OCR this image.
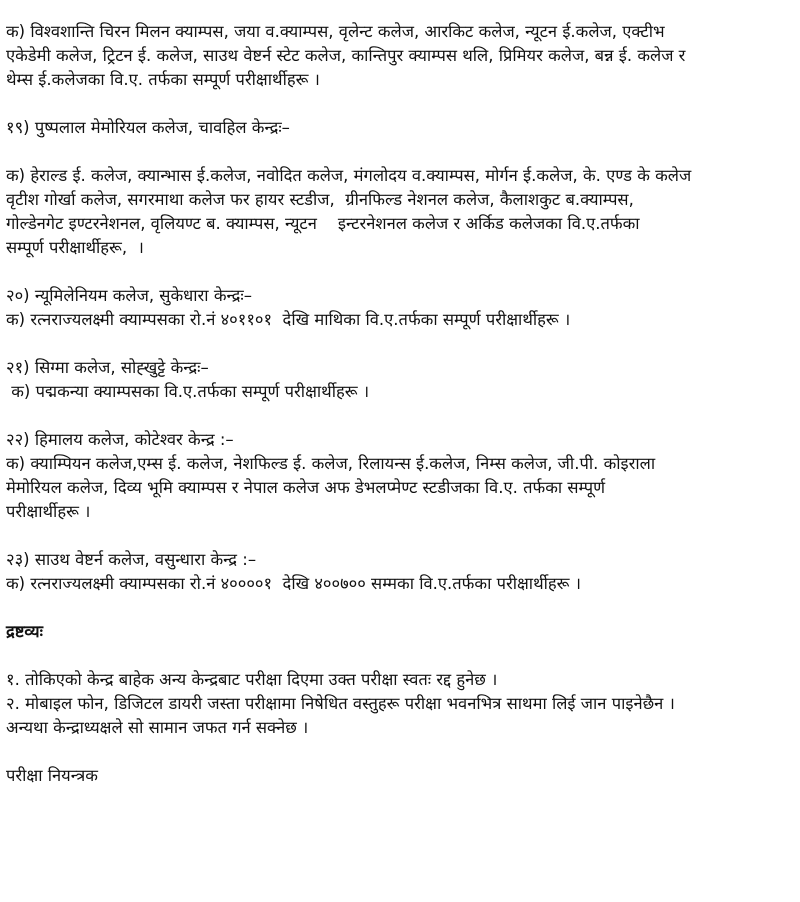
क) विश्वशान्ति चिरन मिलन क्याम्पस, जया व.क्याम्पस, वृलेन्ट कलेज, आरकिट कलेज, न्यूटन ई.कलेज, एक्टीभ
एकेडेमी कलेज, ट्रिटन ई. कलेज, साउथ वेष्टर्न स्टेट कलेज, कान्तिपुर क्याम्पस थलि, प्रिमियर कलेज, बन्न ई. कलेज र
थेम्स ई.कलेजका वि.ए. तर्फका सम्पूर्ण परीक्षार्थीहरू ।
१९) पुष्पलाल मेमोरियल कलेज, चावहिल केन्द्रः–
क) हेराल्ड ई. कलेज, क्यान्भास ई.कलेज, नवोदित कलेज, मंगलोदय व.क्याम्पस, मोर्गन ई.कलेज, के. एण्ड के कलेज
वृटीश गोर्खा कलेज, सगरमाथा कलेज फर हायर स्टडीज,  ग्रीनफिल्ड नेशनल कलेज, कैलाशकुट ब.क्याम्पस,
गोल्डेनगेट इण्टरनेशनल, वृलियण्ट ब. क्याम्पस, न्यूटन    इन्टरनेशनल कलेज र अर्किड कलेजका वि.ए.तर्फका
सम्पूर्ण परीक्षार्थीहरू,  ।
२०) न्यूमिलेनियम कलेज, सुकेधारा केन्द्रः–
क) रत्नराज्यलक्ष्मी क्याम्पसका रो.नं ४०११०१  देखि माथिका वि.ए.तर्फका सम्पूर्ण परीक्षार्थीहरू ।
२१) सिग्मा कलेज, सोह्खुट्टे केन्द्रः–
क) पद्मकन्या क्याम्पसका वि.ए.तर्फका सम्पूर्ण परीक्षार्थीहरू ।
२२) हिमालय कलेज, कोटेश्वर केन्द्र :–
क) क्याम्पियन कलेज,एम्स ई. कलेज, नेशफिल्ड ई. कलेज, रिलायन्स ई.कलेज, निम्स कलेज, जी.पी. कोइराला
मेमोरियल कलेज, दिव्य भूमि क्याम्पस र नेपाल कलेज अफ डेभलप्मेण्ट स्टडीजका वि.ए. तर्फका सम्पूर्ण
परीक्षार्थीहरू ।
२३) साउथ वेष्टर्न कलेज, वसुन्धारा केन्द्र :–
क) रत्नराज्यलक्ष्मी क्याम्पसका रो.नं ४००००१  देखि ४००७०० सम्मका वि.ए.तर्फका परीक्षार्थीहरू ।
द्रष्टव्यः
१. तोकिएको केन्द्र बाहेक अन्य केन्द्रबाट परीक्षा दिएमा उक्त परीक्षा स्वतः रद्द हुनेछ ।
२. मोबाइल फोन, डिजिटल डायरी जस्ता परीक्षामा निषेधित वस्तुहरू परीक्षा भवनभित्र साथमा लिई जान पाइनेछैन ।
अन्यथा केन्द्राध्यक्षले सो सामान जफत गर्न सक्नेछ ।
परीक्षा नियन्त्रक
